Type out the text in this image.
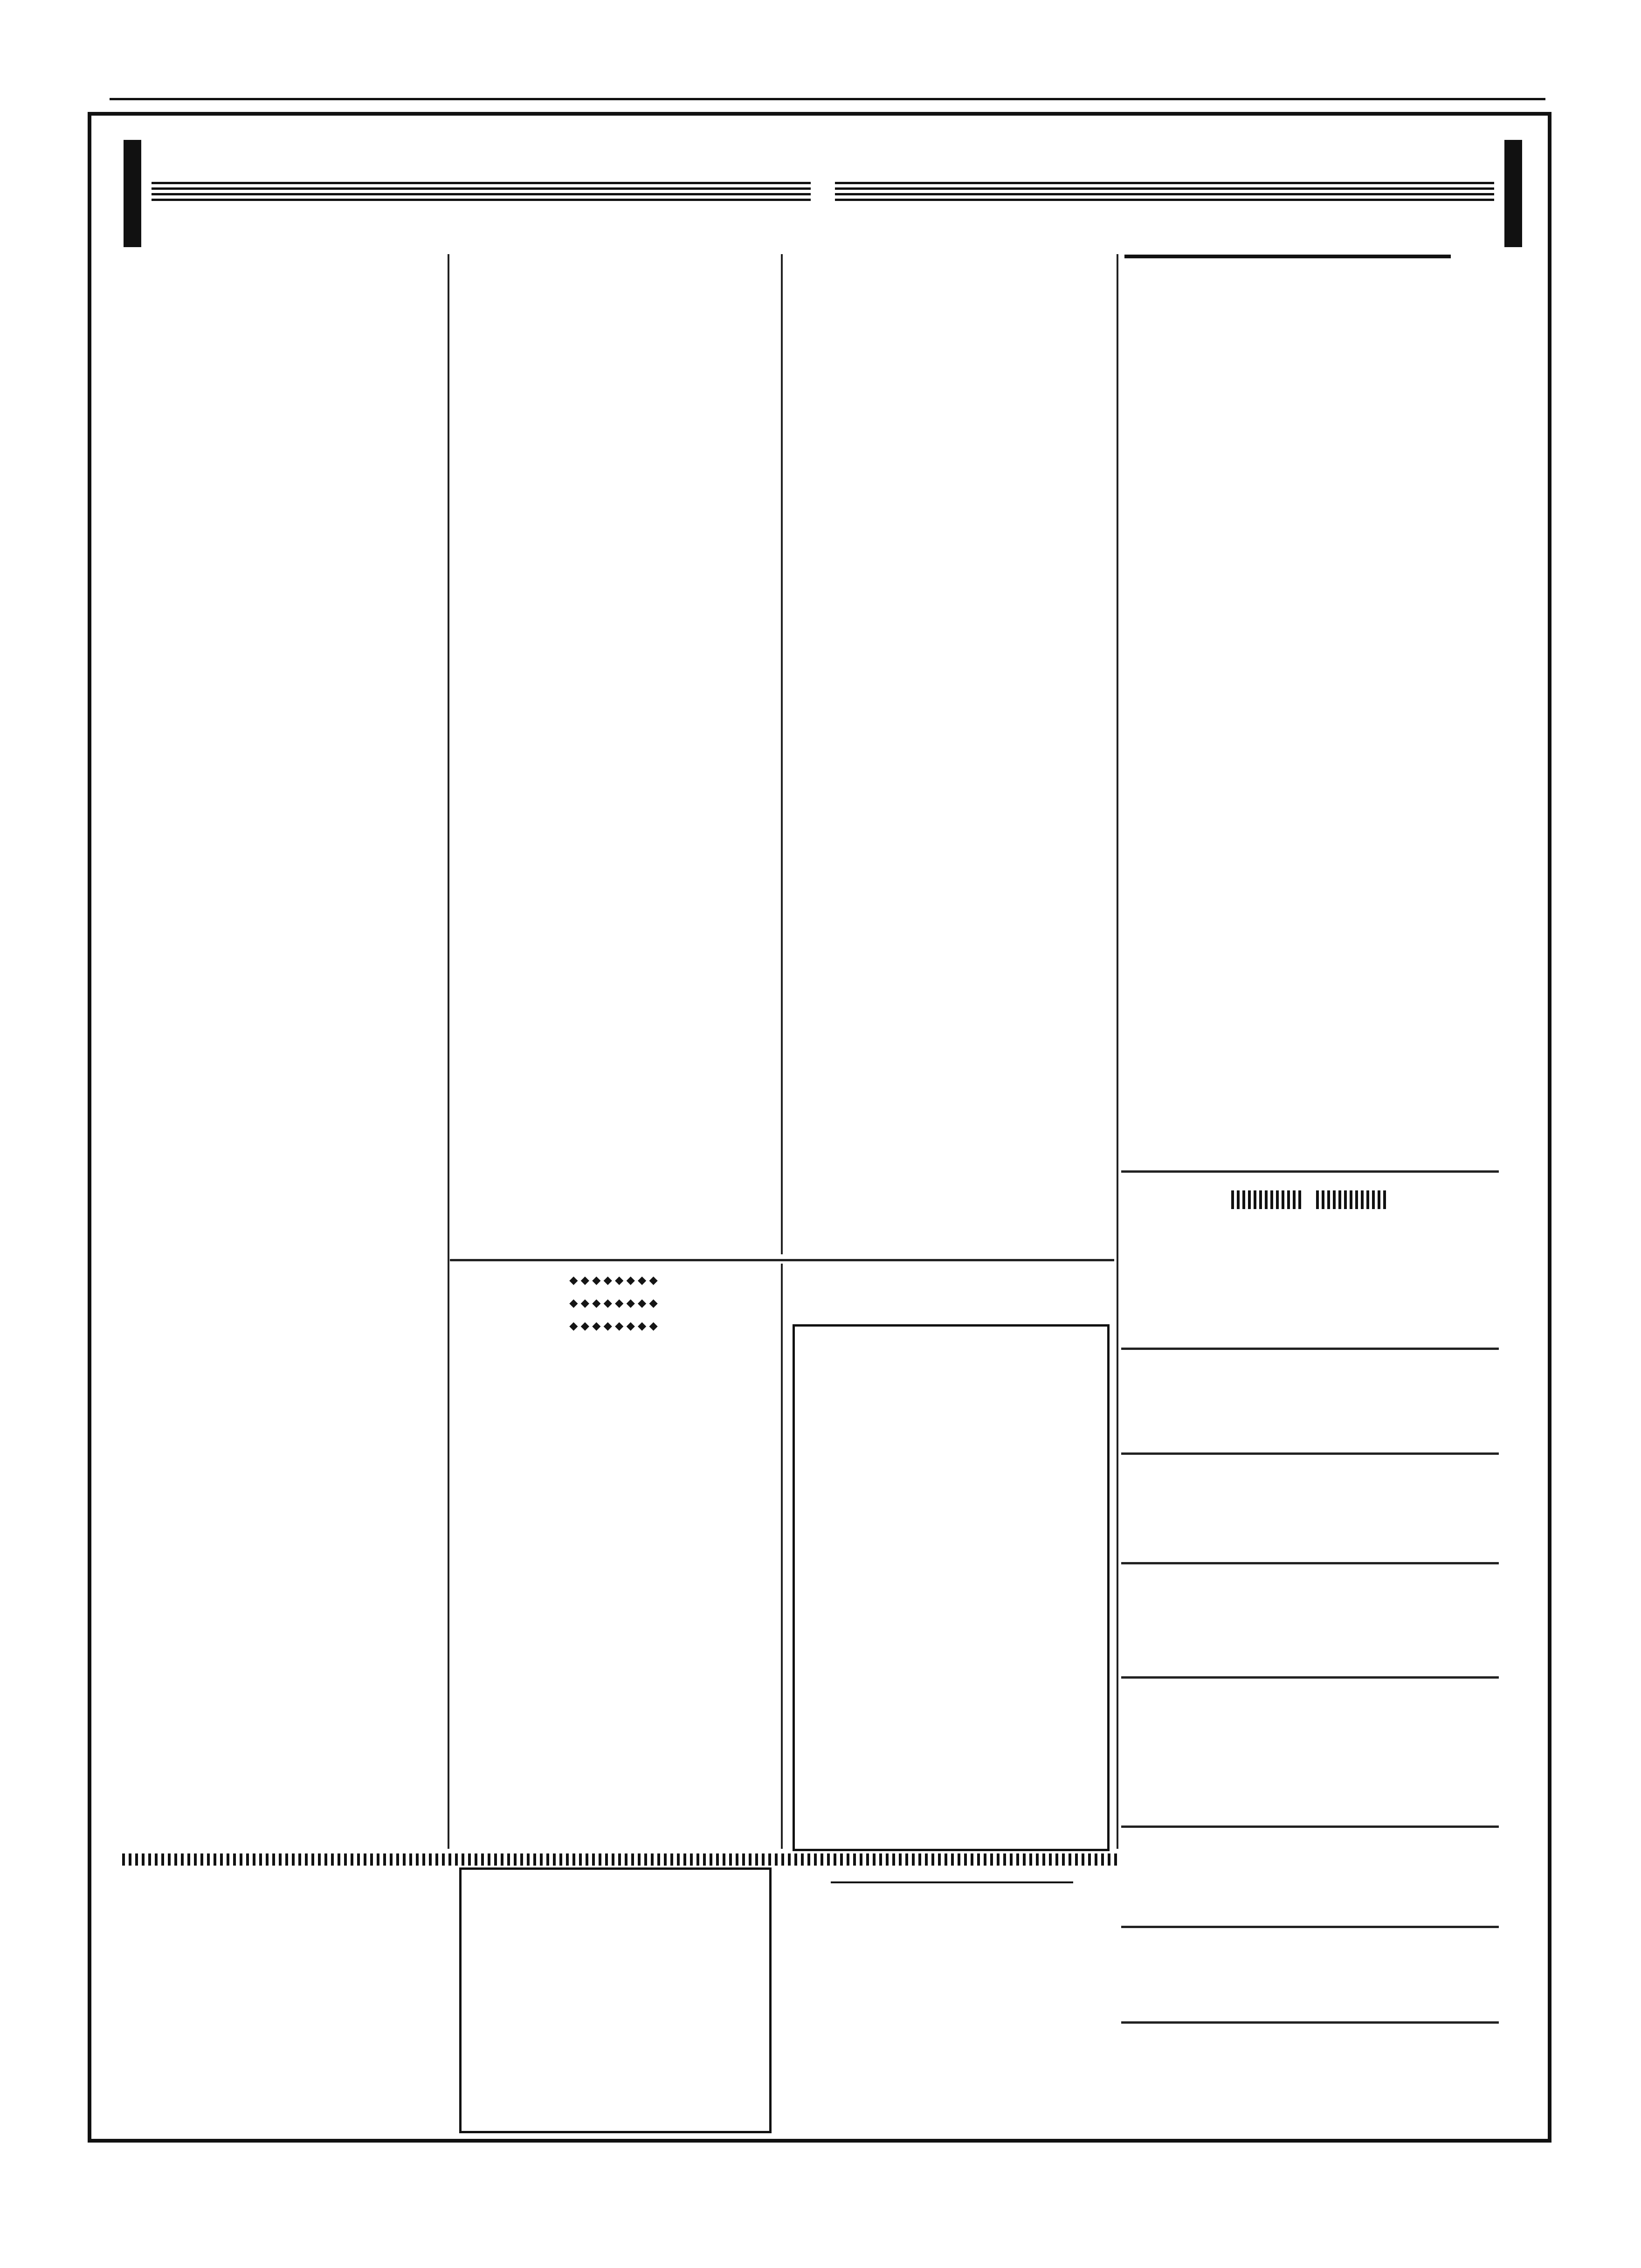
◆◆◆◆◆◆◆◆

◆◆◆◆◆◆◆◆

◆◆◆◆◆◆◆◆
